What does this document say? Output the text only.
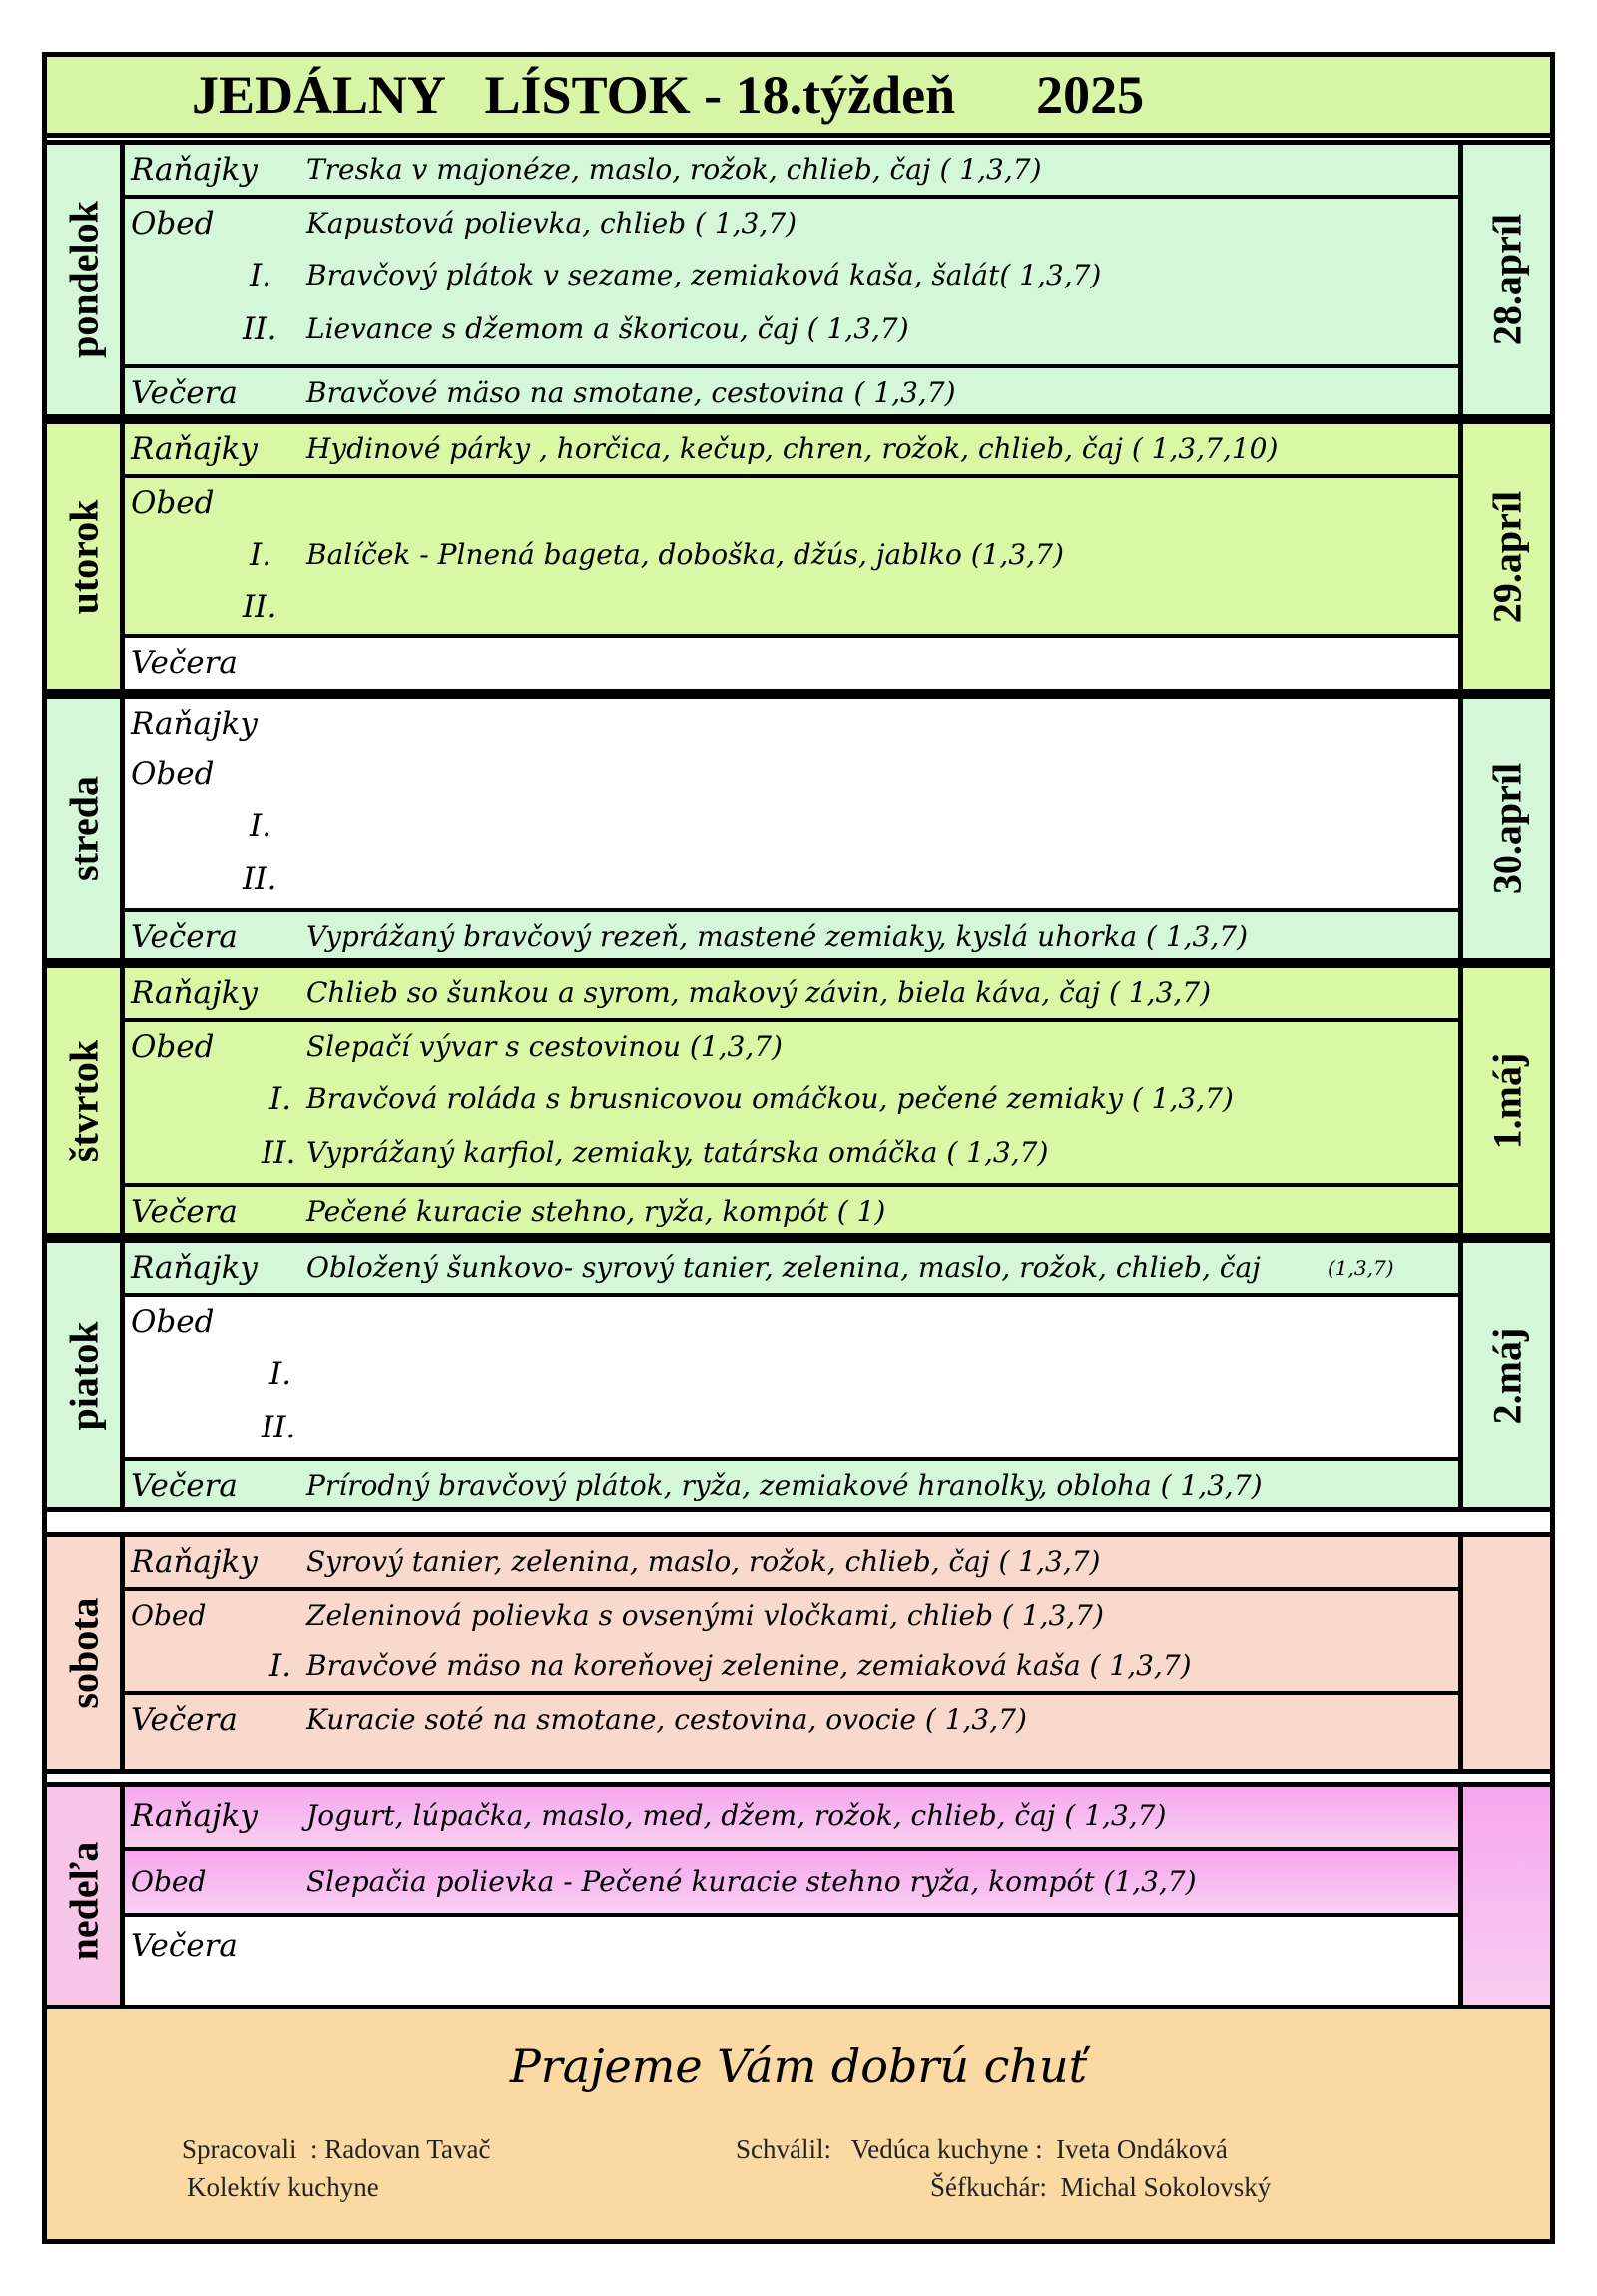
JEDÁLNY   LÍSTOK - 18.týždeň      2025
pondelok
Raňajky Treska v majonéze, maslo, rožok, chlieb, čaj ( 1,3,7)
Obed	Kapustová polievka, chlieb ( 1,3,7)
I. Bravčový plátok v sezame, zemiaková kaša, šalát( 1,3,7)
II. Lievance s džemom a škoricou, čaj ( 1,3,7)
Večera Bravčové mäso na smotane, cestovina ( 1,3,7)
28.apríl
utorok
Raňajky Hydinové párky , horčica, kečup, chren, rožok, chlieb, čaj ( 1,3,7,10)
Obed
I. Balíček - Plnená bageta, doboška, džús, jablko (1,3,7)
II.
Večera
29.apríl
streda
Raňajky
Obed
I.
II.
Večera Vyprážaný bravčový rezeň, mastené zemiaky, kyslá uhorka ( 1,3,7)
30.apríl
štvrtok
Raňajky Chlieb so šunkou a syrom, makový závin, biela káva, čaj ( 1,3,7)
Obed	Slepačí vývar s cestovinou (1,3,7)
I. Bravčová roláda s brusnicovou omáčkou, pečené zemiaky ( 1,3,7)
II. Vyprážaný karfiol, zemiaky, tatárska omáčka ( 1,3,7)
Večera Pečené kuracie stehno, ryža, kompót ( 1)
1.máj
piatok
Raňajky Obložený šunkovo- syrový tanier, zelenina, maslo, rožok, chlieb, čaj	(1,3,7)
Obed
I.
II.
Večera Prírodný bravčový plátok, ryža, zemiakové hranolky, obloha ( 1,3,7)
2.máj
sobota
Raňajky Syrový tanier, zelenina, maslo, rožok, chlieb, čaj ( 1,3,7)
Obed	Zeleninová polievka s ovsenými vločkami, chlieb ( 1,3,7)
I. Bravčové mäso na koreňovej zelenine, zemiaková kaša ( 1,3,7)
Večera Kuracie soté na smotane, cestovina, ovocie ( 1,3,7)
nedeľa
Raňajky Jogurt, lúpačka, maslo, med, džem, rožok, chlieb, čaj ( 1,3,7)
Obed	Slepačia polievka - Pečené kuracie stehno ryža, kompót (1,3,7)
Večera
Prajeme Vám dobrú chuť
Spracovali  : Radovan Tavač
Kolektív kuchyne
Schválil:   Vedúca kuchyne :  Iveta Ondáková
Šéfkuchár:  Michal Sokolovský
